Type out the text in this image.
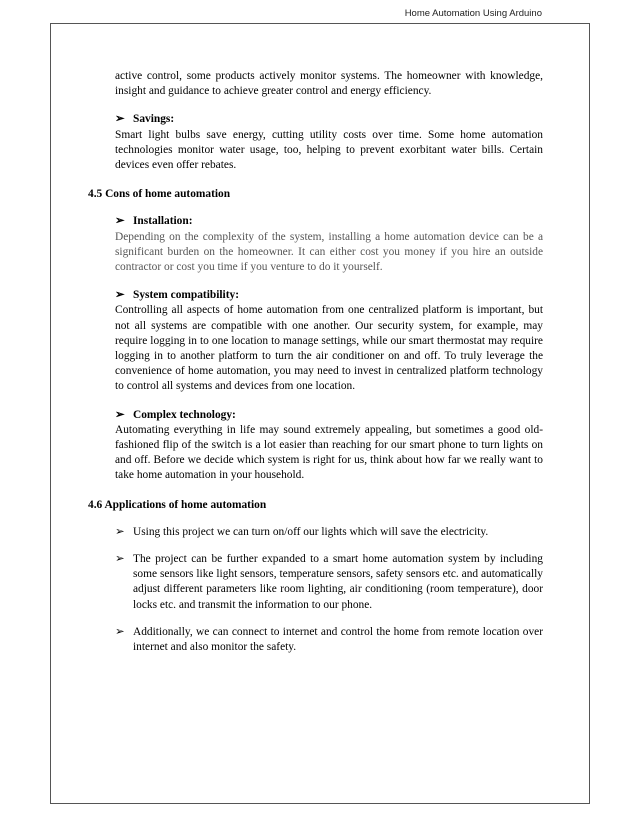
Home Automation Using Arduino

active control, some products actively monitor systems. The homeowner with knowledge, insight and guidance to achieve greater control and energy efficiency.

➢ Savings:

Smart light bulbs save energy, cutting utility costs over time. Some home automation technologies monitor water usage, too, helping to prevent exorbitant water bills. Certain devices even offer rebates.

4.5 Cons of home automation
➢ Installation:

Depending on the complexity of the system, installing a home automation device can be a significant burden on the homeowner. It can either cost you money if you hire an outside contractor or cost you time if you venture to do it yourself.

➢ System compatibility:

Controlling all aspects of home automation from one centralized platform is important, but not all systems are compatible with one another. Our security system, for example, may require logging in to one location to manage settings, while our smart thermostat may require logging in to another platform to turn the air conditioner on and off. To truly leverage the convenience of home automation, you may need to invest in centralized platform technology to control all systems and devices from one location.

➢ Complex technology:

Automating everything in life may sound extremely appealing, but sometimes a good old-fashioned flip of the switch is a lot easier than reaching for our smart phone to turn lights on and off. Before we decide which system is right for us, think about how far we really want to take home automation in your household.

4.6 Applications of home automation
➢ Using this project we can turn on/off our lights which will save the electricity.

➢ The project can be further expanded to a smart home automation system by including some sensors like light sensors, temperature sensors, safety sensors etc. and automatically adjust different parameters like room lighting, air conditioning (room temperature), door locks etc. and transmit the information to our phone.

➢ Additionally, we can connect to internet and control the home from remote location over internet and also monitor the safety.
